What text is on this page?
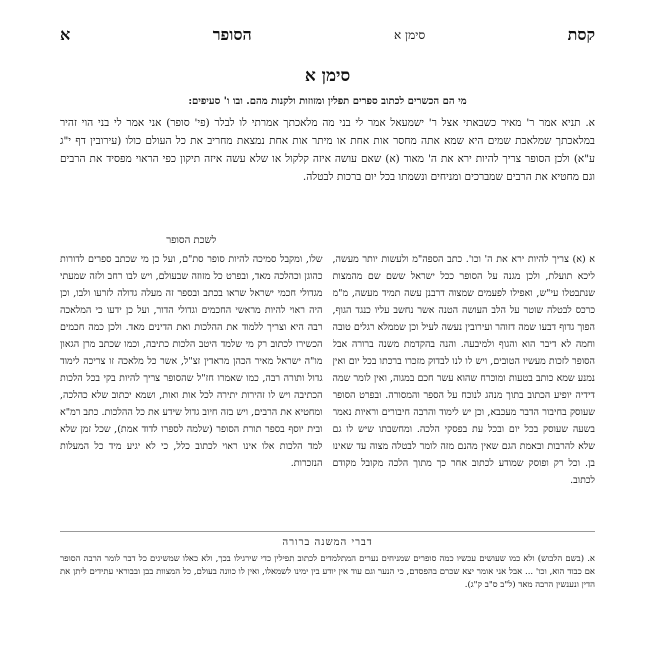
קסת
סימן א
הסופר
א
סימן א
מי הם הכשרים לכתוב ספרים תפלין ומזוזות ולקנות מהם. ובו ו' סעיפים:

א. תניא אמר ר' מאיר כשבאתי אצל ר' ישמעאל אמר לי בני מה מלאכתך אמרתי לו לבלר (פי' סופר) אני אמר לי בני הוי זהיר במלאכתך שמלאכת שמים היא שמא אתה מחסר אות אחת או מיתר אות אחת נמצאת מחריב את כל העולם כולו (עירובין דף י"ג ע"א) ולכן הסופר צריך להיות ירא את ה' מאוד (א) שאם עושה איזה קלקול או שלא עשה איזה תיקון כפי הראוי מפסיד את הרבים וגם מחטיא את הרבים שמברכים ומניחים ונשמתו בכל יום ברכות לבטלה.

א (א) צריך להיות ירא את ה' וכו'. כתב הספה"מ ולעשות יותר מעשה, ליכא תועלת, ולכן מגנה על הסופר ככל ישראל ששם שם מהמצות שנתבטלו עי"ש, ואפילו לפעמים שמצוה דרבנן עשה תמיד מעשה, מ"מ כרכס לבטלה שוטר על הלב העושה הטנה אשר נחשב עליו כנגד הגוף, הפוך גדוף דבעו שמה דזוהר ועירובין נעשה לעיל וכן שממלא רגלים טובה וחמה לא דיבר הוא והגוף ולמיבעה. והנה בהקדמת משנה ברורה אבל הסופר לזכות מעשיו הטובים, ויש לו לנו לבדוק מזכרו ברכתו בכל יום ואין נמנע שמא כותב בטעות ומוכרח שהוא עשר חכם במגוה, ואין לומר שמה דידיה יופיע הכתוב בתוך מנהג לנוכח על הספר והמסורה. ובפרט הסופר שעוסק בחיבור הדבר מעכבא, וכן יש לימוד והרבה חיבורים וראיות נאמר בשעה שעוסק בכל יום ובכל עת בפסקי הלכה. ומחשבתו שיש לו גם שלא להרבות ובאמת הגם שאין מהנם מזה לומר לבטלה מצוה עד שאינו בן. וכל רק ופוסק שמודע לכתוב אחר כך מתוך הלכה מקובל מקודם לכתוב.
לשכת הסופר
שלו, ומקבל סמיכה להיות סופר סת"ם, ועל כן מי שכתב ספרים לדורות כהוגן וכהלכה מאד, ובפרט כל מזוזה שבעולם, ויש לבו רחב ולזה שמעתי מגדולי חכמי ישראל שראו בכתב ובספר זה מעלה גדולה לזרעו ולבו, וכן היה ראוי להיות מראשי החכמים וגדולי הדור, ועל כן ידעו כי המלאכה רבה היא וצריך ללמוד את ההלכות ואת הדינים מאד. ולכן כמה חכמים הכשירו לכתוב רק מי שלמד היטב הלכות כתיבה, וכמו שכתב מרן הגאון מו"ה ישראל מאיר הכהן מראדין זצ"ל, אשר כל מלאכה זו צריכה לימוד גדול ותורה רבה, כמו שאמרו חז"ל שהסופר צריך להיות בקי בכל הלכות הכתיבה ויש לו זהירות יתירה לכל אות ואות, ושמא יכתוב שלא כהלכה, ומחטיא את הרבים, ויש בזה חיוב גדול שידע את כל ההלכות. כתב רמ"א ובית יוסף בספר תורת הסופר (שלמה לספרו לדוד אמת), שכל זמן שלא למד הלכות אלו אינו ראוי לכתוב כלל, כי לא יגיע מיד כל המעלות הנזכרות.
דברי המשנה ברורה

א. (בשם הלבוש) ולא כמו שעושים עכשיו כמה סופרים שמניחים נערים המתלמדים לכתוב תפילין כדי שירגילו בכך, ולא כאלו שמשיגים כל דבר לומר הרבה הסופר אם כבוד הוא, וכו' ... אבל אני אומר יצא שכרם בהפסדם, כי הנער וגם עוד אין יודע בין ימינו לשמאלו, ואין לו כוונה בעולם, כל המצוות בבן ובבוראי עתידים ליתן את הדין ונענשין הרבה מאד (ל"ב ס"ב ק"ג).
